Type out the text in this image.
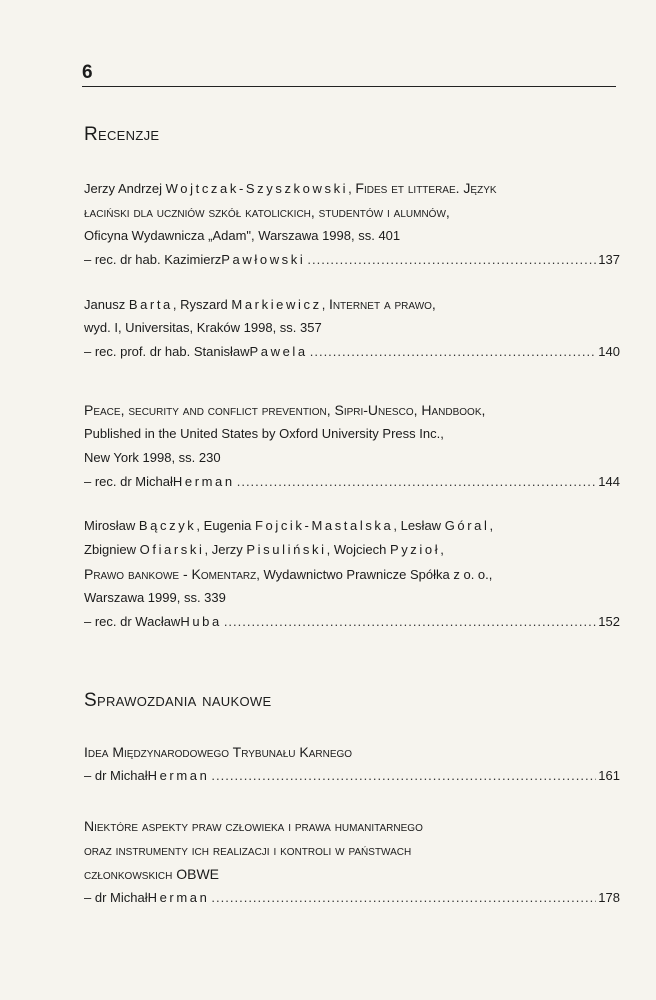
6
Recenzje
Jerzy Andrzej Wojtczak-Szyszkowski, Fides et litterae. Język
łaciński dla uczniów szkół katolickich, studentów i alumnów,
Oficyna Wydawnicza „Adam", Warszawa 1998, ss. 401
– rec. dr hab. Kazimierz Pawłowski .....	137
Janusz Barta, Ryszard Markiewicz, Internet a prawo,
wyd. I, Universitas, Kraków 1998, ss. 357
– rec. prof. dr hab. Stanisław Pawela .....	140
Peace, security and conflict prevention, Sipri-Unesco, Handbook,
Published in the United States by Oxford University Press Inc.,
New York 1998, ss. 230
– rec. dr Michał Herman .....	144
Mirosław Bączyk, Eugenia Fojcik-Mastalska, Lesław Góral,
Zbigniew Ofiarski, Jerzy Pisuliński, Wojciech Pyzioł,
Prawo bankowe - Komentarz, Wydawnictwo Prawnicze Spółka z o. o.,
Warszawa 1999, ss. 339
– rec. dr Wacław Huba .....	152
Sprawozdania naukowe
Idea Międzynarodowego Trybunału Karnego
– dr Michał Herman .....	161
Niektóre aspekty praw człowieka i prawa humanitarnego
oraz instrumenty ich realizacji i kontroli w państwach
członkowskich OBWE
– dr Michał Herman .....	178
